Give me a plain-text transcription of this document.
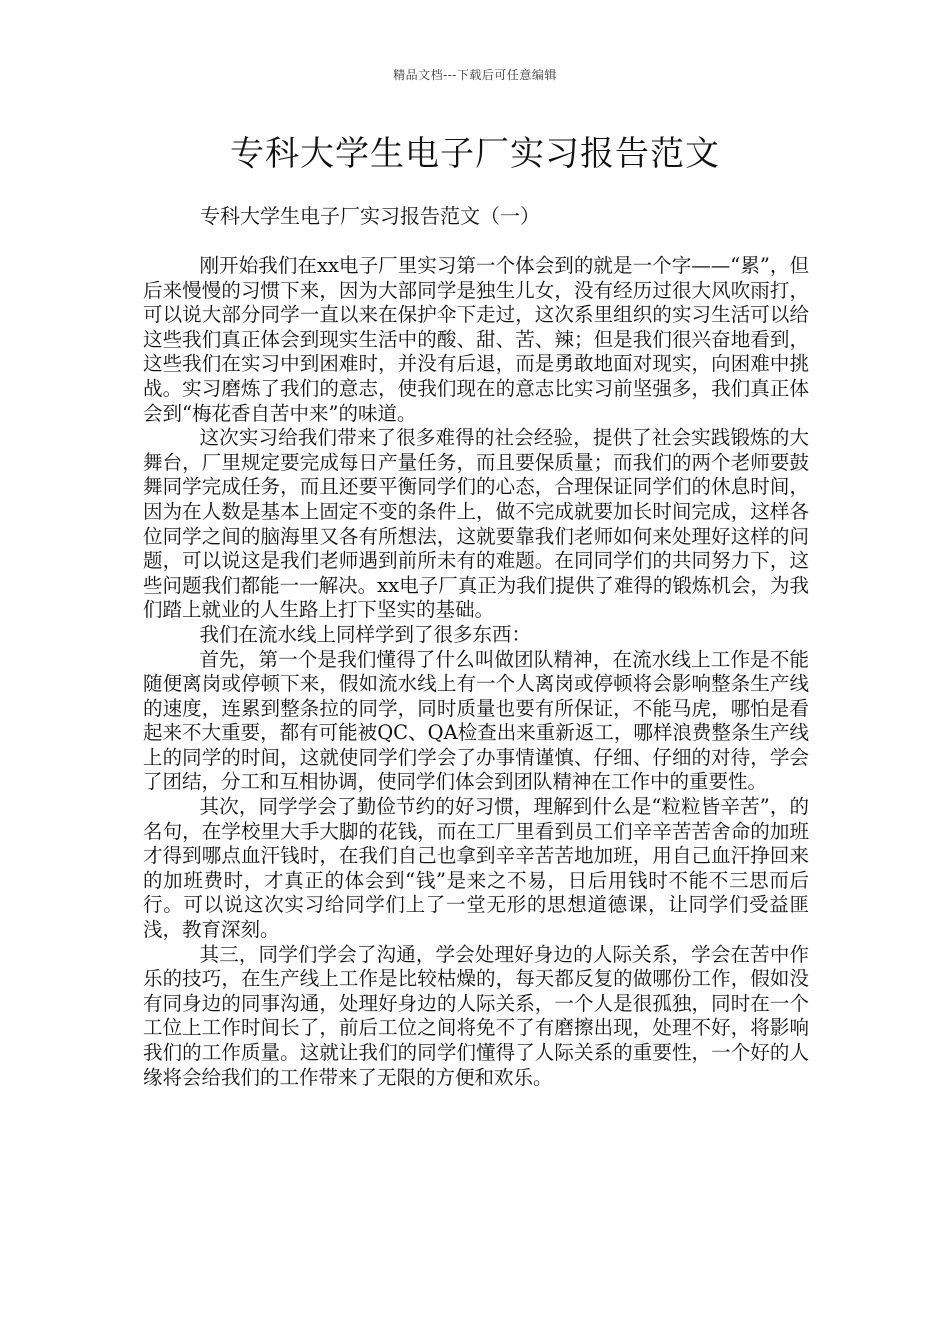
精品文档---下载后可任意编辑
专科大学生电子厂实习报告范文
专科大学生电子厂实习报告范文（一）

刚开始我们在xx电子厂里实习第一个体会到的就是一个字——“累”，但后来慢慢的习惯下来，因为大部同学是独生儿女，没有经历过很大风吹雨打，可以说大部分同学一直以来在保护伞下走过，这次系里组织的实习生活可以给这些我们真正体会到现实生活中的酸、甜、苦、辣；但是我们很兴奋地看到，这些我们在实习中到困难时，并没有后退，而是勇敢地面对现实，向困难中挑战。实习磨炼了我们的意志，使我们现在的意志比实习前坚强多，我们真正体会到“梅花香自苦中来”的味道。

这次实习给我们带来了很多难得的社会经验，提供了社会实践锻炼的大舞台，厂里规定要完成每日产量任务，而且要保质量；而我们的两个老师要鼓舞同学完成任务，而且还要平衡同学们的心态，合理保证同学们的休息时间，因为在人数是基本上固定不变的条件上，做不完成就要加长时间完成，这样各位同学之间的脑海里又各有所想法，这就要靠我们老师如何来处理好这样的问题，可以说这是我们老师遇到前所未有的难题。在同同学们的共同努力下，这些问题我们都能一一解决。xx电子厂真正为我们提供了难得的锻炼机会，为我们踏上就业的人生路上打下坚实的基础。

我们在流水线上同样学到了很多东西：

首先，第一个是我们懂得了什么叫做团队精神，在流水线上工作是不能随便离岗或停顿下来，假如流水线上有一个人离岗或停顿将会影响整条生产线的速度，连累到整条拉的同学，同时质量也要有所保证，不能马虎，哪怕是看起来不大重要，都有可能被QC、QA检查出来重新返工，哪样浪费整条生产线上的同学的时间，这就使同学们学会了办事情谨慎、仔细、仔细的对待，学会了团结，分工和互相协调，使同学们体会到团队精神在工作中的重要性。

其次，同学学会了勤俭节约的好习惯，理解到什么是“粒粒皆辛苦”，的名句，在学校里大手大脚的花钱，而在工厂里看到员工们辛辛苦苦舍命的加班才得到哪点血汗钱时，在我们自己也拿到辛辛苦苦地加班，用自己血汗挣回来的加班费时，才真正的体会到“钱”是来之不易，日后用钱时不能不三思而后行。可以说这次实习给同学们上了一堂无形的思想道德课，让同学们受益匪浅，教育深刻。

其三，同学们学会了沟通，学会处理好身边的人际关系，学会在苦中作乐的技巧，在生产线上工作是比较枯燥的，每天都反复的做哪份工作，假如没有同身边的同事沟通，处理好身边的人际关系，一个人是很孤独，同时在一个工位上工作时间长了，前后工位之间将免不了有磨擦出现，处理不好，将影响我们的工作质量。这就让我们的同学们懂得了人际关系的重要性，一个好的人缘将会给我们的工作带来了无限的方便和欢乐。
